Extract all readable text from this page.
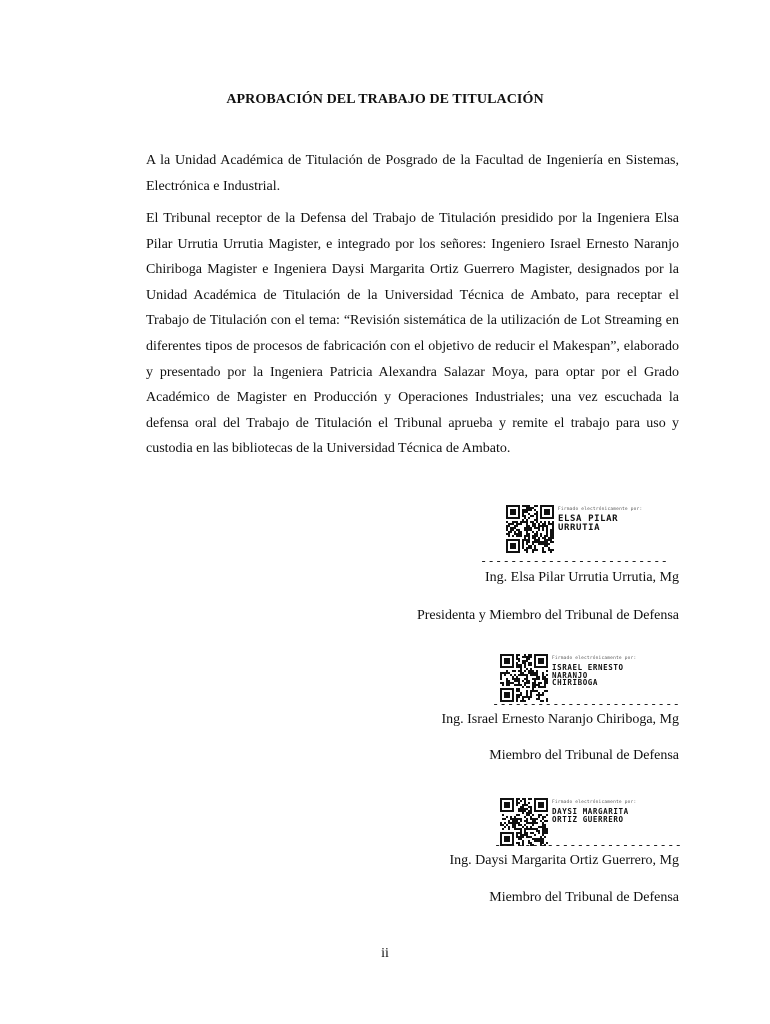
APROBACIÓN DEL TRABAJO DE TITULACIÓN

A la Unidad Académica de Titulación de Posgrado de la Facultad de Ingeniería en Sistemas, Electrónica e Industrial.

El Tribunal receptor de la Defensa del Trabajo de Titulación presidido por la Ingeniera Elsa Pilar Urrutia Urrutia Magister, e integrado por los señores: Ingeniero Israel Ernesto Naranjo Chiriboga Magister e Ingeniera Daysi Margarita Ortiz Guerrero Magister, designados por la Unidad Académica de Titulación de la Universidad Técnica de Ambato, para receptar el Trabajo de Titulación con el tema: “Revisión sistemática de la utilización de Lot Streaming en diferentes tipos de procesos de fabricación con el objetivo de reducir el Makespan”, elaborado y presentado por la Ingeniera Patricia Alexandra Salazar Moya, para optar por el Grado Académico de Magister en Producción y Operaciones Industriales; una vez escuchada la defensa oral del Trabajo de Titulación el Tribunal aprueba y remite el trabajo para uso y custodia en las bibliotecas de la Universidad Técnica de Ambato.

Firmado electrónicamente por:
ELSA PILAR
URRUTIA
-------------------------
Ing. Elsa Pilar Urrutia Urrutia, Mg
Presidenta y Miembro del Tribunal de Defensa
Firmado electrónicamente por:
ISRAEL ERNESTO
NARANJO
CHIRIBOGA
-------------------------
Ing. Israel Ernesto Naranjo Chiriboga, Mg
Miembro del Tribunal de Defensa
Firmado electrónicamente por:
DAYSI MARGARITA
ORTIZ GUERRERO
-------------------------
Ing. Daysi Margarita Ortiz Guerrero, Mg
Miembro del Tribunal de Defensa
ii
